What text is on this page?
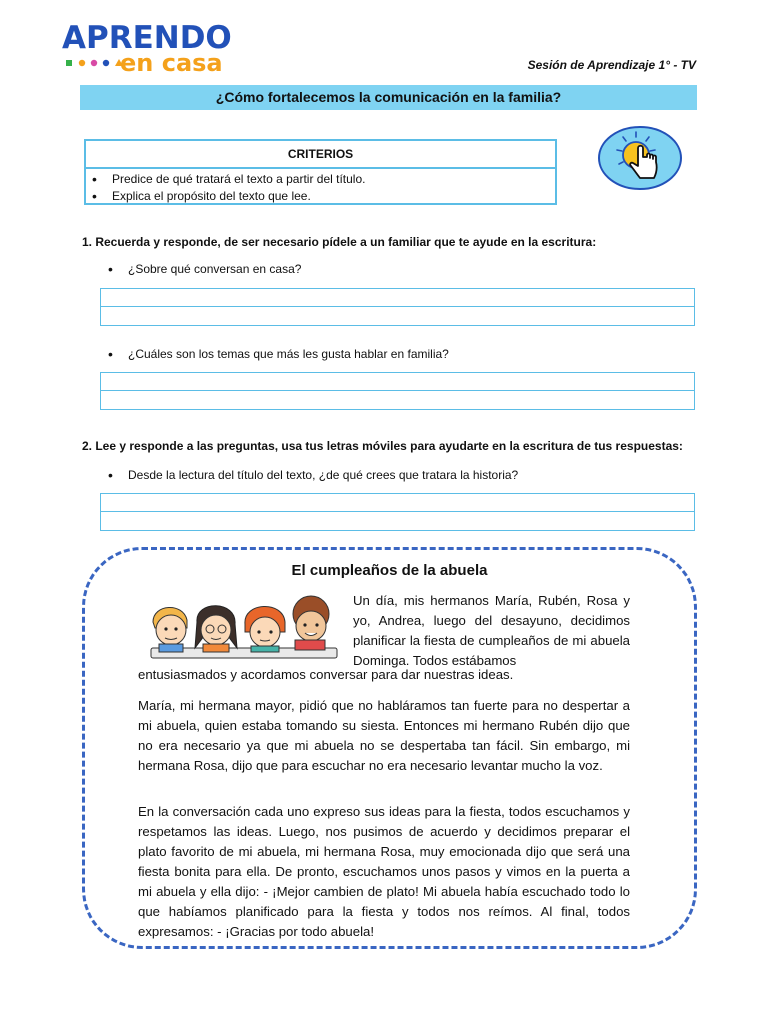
APRENDO
en casa	Sesión de Aprendizaje 1° - TV
¿Cómo fortalecemos la comunicación en la familia?
CRITERIOS
• Predice de qué tratará el texto a partir del título.
• Explica el propósito del texto que lee.
1. Recuerda y responde, de ser necesario pídele a un familiar que te ayude en la escritura:
• ¿Sobre qué conversan en casa?
• ¿Cuáles son los temas que más les gusta hablar en familia?
2. Lee y responde a las preguntas, usa tus letras móviles para ayudarte en la escritura de tus respuestas:
• Desde la lectura del título del texto, ¿de qué crees que tratara la historia?
El cumpleaños de la abuela
Un día, mis hermanos María, Rubén, Rosa y yo, Andrea, luego del desayuno, decidimos planificar la fiesta de cumpleaños de mi abuela Dominga. Todos estábamos
entusiasmados y acordamos conversar para dar nuestras ideas.
María, mi hermana mayor, pidió que no habláramos tan fuerte para no despertar a mi abuela, quien estaba tomando su siesta. Entonces mi hermano Rubén dijo que no era necesario ya que mi abuela no se despertaba tan fácil. Sin embargo, mi hermana Rosa, dijo que para escuchar no era necesario levantar mucho la voz.
En la conversación cada uno expreso sus ideas para la fiesta, todos escuchamos y respetamos las ideas. Luego, nos pusimos de acuerdo y decidimos preparar el plato favorito de mi abuela, mi hermana Rosa, muy emocionada dijo que será una fiesta bonita para ella. De pronto, escuchamos unos pasos y vimos en la puerta a mi abuela y ella dijo: - ¡Mejor cambien de plato! Mi abuela había escuchado todo lo que habíamos planificado para la fiesta y todos nos reímos. Al final, todos expresamos: - ¡Gracias por todo abuela!
